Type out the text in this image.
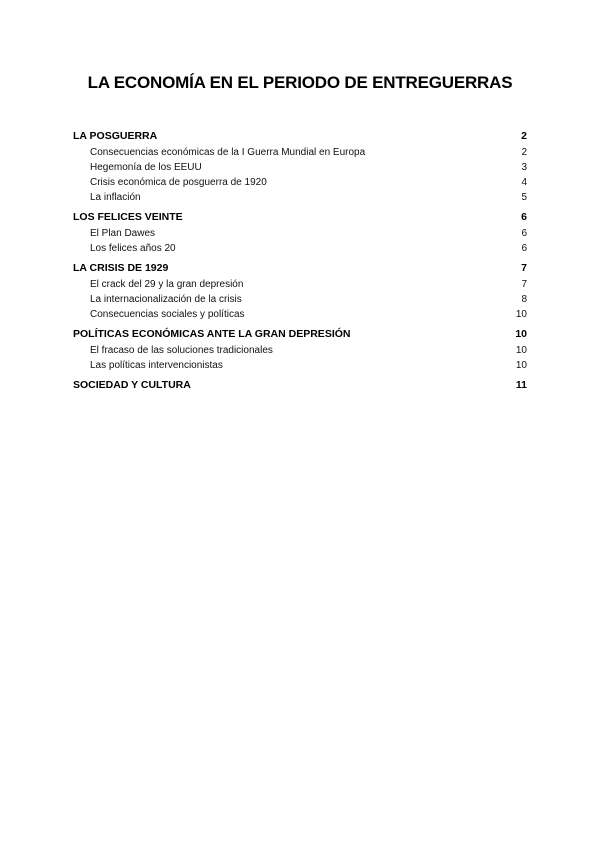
LA ECONOMÍA EN EL PERIODO DE ENTREGUERRAS
LA POSGUERRA	2
Consecuencias económicas de la I Guerra Mundial en Europa	2
Hegemonía de los EEUU	3
Crisis económica de posguerra de 1920	4
La inflación	5
LOS FELICES VEINTE	6
El Plan Dawes	6
Los felices años 20	6
LA CRISIS DE 1929	7
El crack del 29 y la gran depresión	7
La internacionalización de la crisis	8
Consecuencias sociales y políticas	10
POLÍTICAS ECONÓMICAS ANTE LA GRAN DEPRESIÓN	10
El fracaso de las soluciones tradicionales	10
Las políticas intervencionistas	10
SOCIEDAD Y CULTURA	11
